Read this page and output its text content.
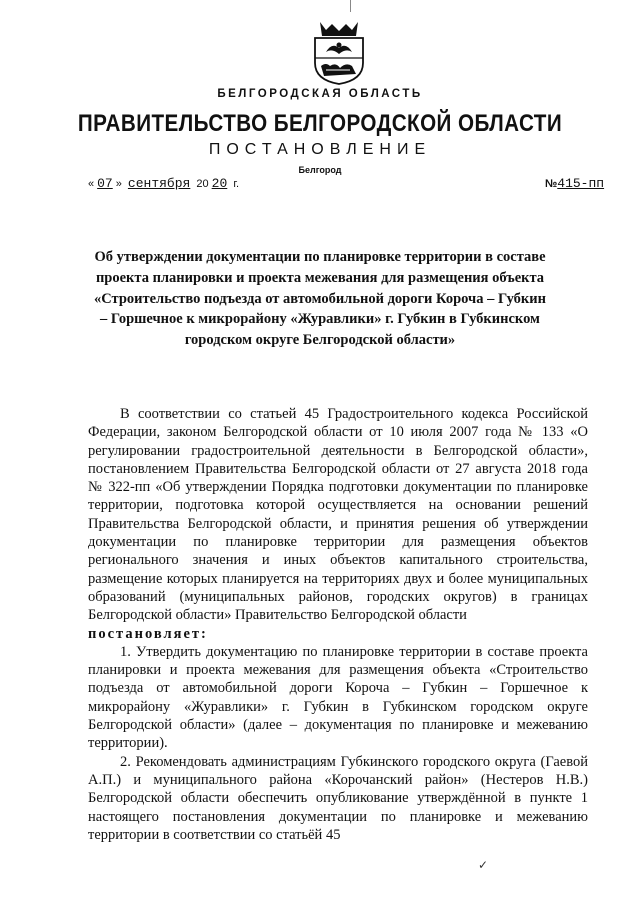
БЕЛГОРОДСКАЯ ОБЛАСТЬ
ПРАВИТЕЛЬСТВО БЕЛГОРОДСКОЙ ОБЛАСТИ
ПОСТАНОВЛЕНИЕ
Белгород
« 07 » сентября 20 20 г.	№415-пп
Об утверждении документации по планировке территории в составе проекта планировки и проекта межевания для размещения объекта «Строительство подъезда от автомобильной дороги Короча – Губкин – Горшечное к микрорайону «Журавлики» г. Губкин в Губкинском городском округе Белгородской области»

В соответствии со статьей 45 Градостроительного кодекса Российской Федерации, законом Белгородской области от 10 июля 2007 года № 133 «О регулировании градостроительной деятельности в Белгородской области», постановлением Правительства Белгородской области от 27 августа 2018 года № 322-пп «Об утверждении Порядка подготовки документации по планировке территории, подготовка которой осуществляется на основании решений Правительства Белгородской области, и принятия решения об утверждении документации по планировке территории для размещения объектов регионального значения и иных объектов капитального строительства, размещение которых планируется на территориях двух и более муниципальных образований (муниципальных районов, городских округов) в границах Белгородской области» Правительство Белгородской области

постановляет:

1. Утвердить документацию по планировке территории в составе проекта планировки и проекта межевания для размещения объекта «Строительство подъезда от автомобильной дороги Короча – Губкин – Горшечное к микрорайону «Журавлики» г. Губкин в Губкинском городском округе Белгородской области» (далее – документация по планировке и межеванию территории).

2. Рекомендовать администрациям Губкинского городского округа (Гаевой А.П.) и муниципального района «Корочанский район» (Нестеров Н.В.) Белгородской области обеспечить опубликование утверждённой в пункте 1 настоящего постановления документации по планировке и межеванию территории в соответствии со статьёй 45

✓
